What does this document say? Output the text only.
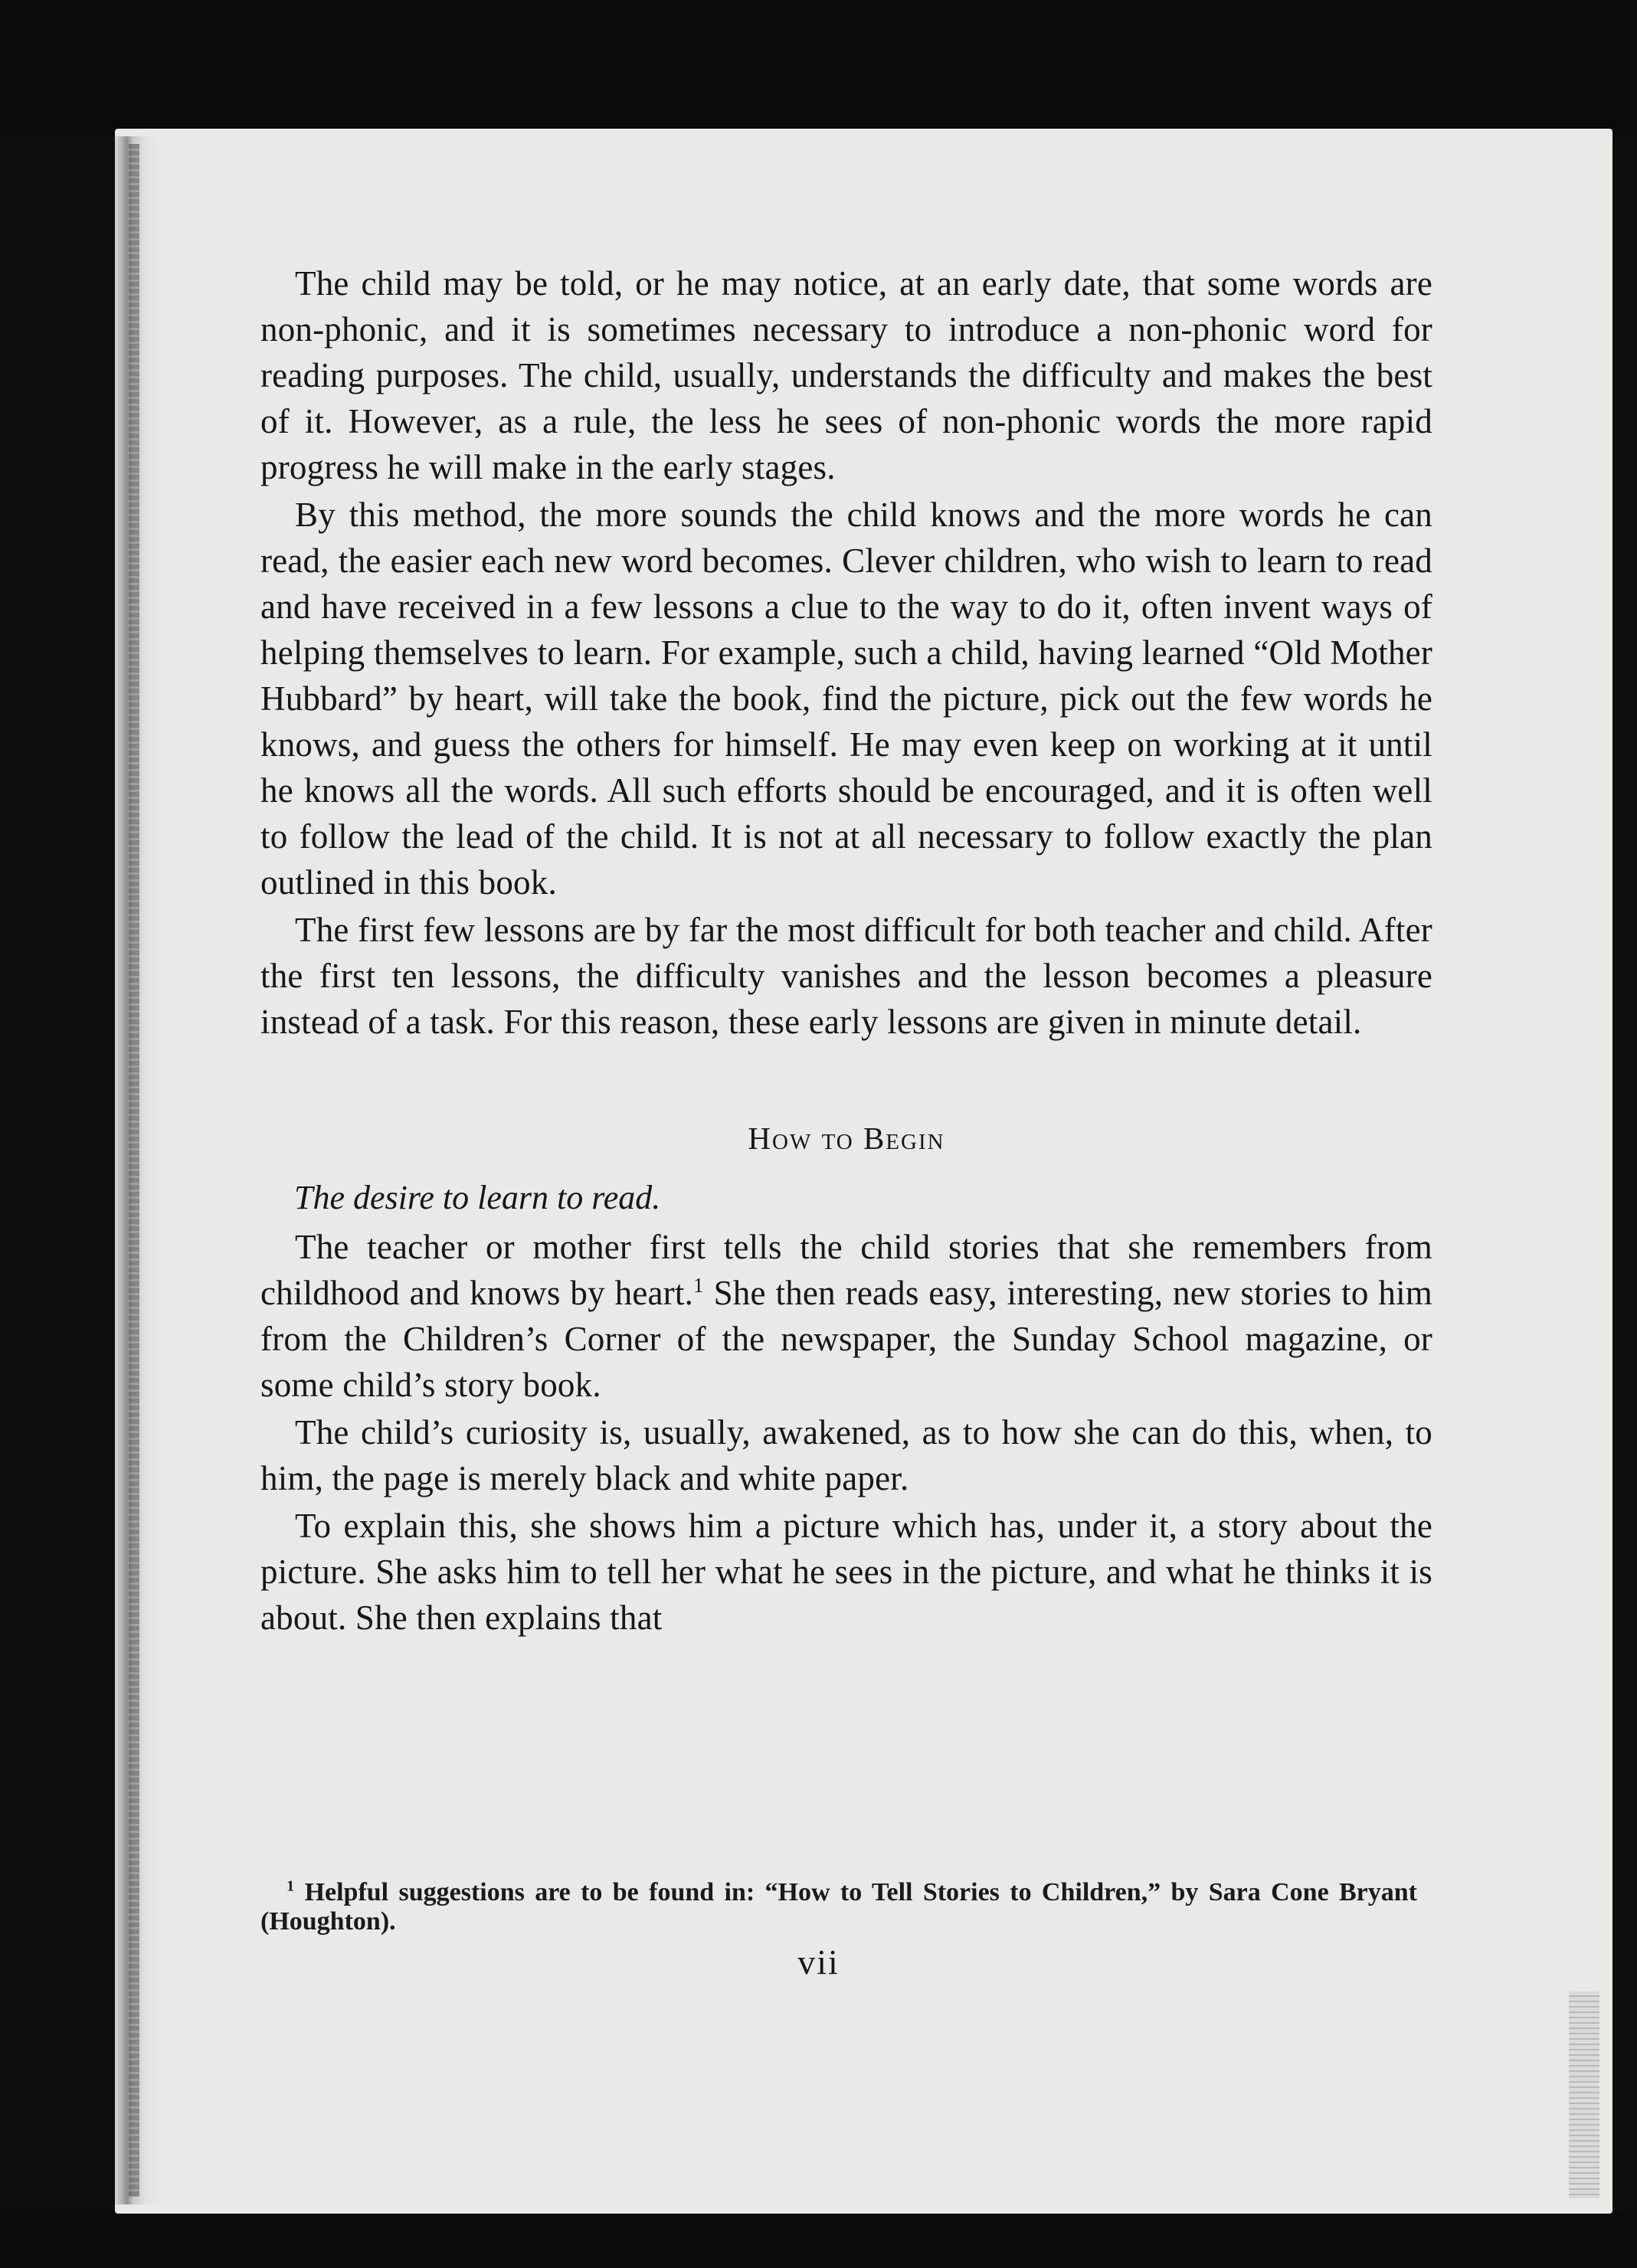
The child may be told, or he may notice, at an early date, that some words are non-phonic, and it is sometimes necessary to introduce a non-phonic word for reading purposes. The child, usually, understands the difficulty and makes the best of it. However, as a rule, the less he sees of non-phonic words the more rapid progress he will make in the early stages.

By this method, the more sounds the child knows and the more words he can read, the easier each new word becomes. Clever children, who wish to learn to read and have received in a few lessons a clue to the way to do it, often invent ways of helping themselves to learn. For example, such a child, having learned “Old Mother Hubbard” by heart, will take the book, find the picture, pick out the few words he knows, and guess the others for himself. He may even keep on working at it until he knows all the words. All such efforts should be encouraged, and it is often well to follow the lead of the child. It is not at all necessary to follow exactly the plan outlined in this book.

The first few lessons are by far the most difficult for both teacher and child. After the first ten lessons, the difficulty vanishes and the lesson becomes a pleasure instead of a task. For this reason, these early lessons are given in minute detail.

How to Begin
The desire to learn to read.

The teacher or mother first tells the child stories that she remembers from childhood and knows by heart.$^1$ She then reads easy, interesting, new stories to him from the Children’s Corner of the newspaper, the Sunday School magazine, or some child’s story book.

The child’s curiosity is, usually, awakened, as to how she can do this, when, to him, the page is merely black and white paper.

To explain this, she shows him a picture which has, under it, a story about the picture. She asks him to tell her what he sees in the picture, and what he thinks it is about. She then explains that

$^1$ Helpful suggestions are to be found in: “How to Tell Stories to Children,” by Sara Cone Bryant (Houghton).

vii
